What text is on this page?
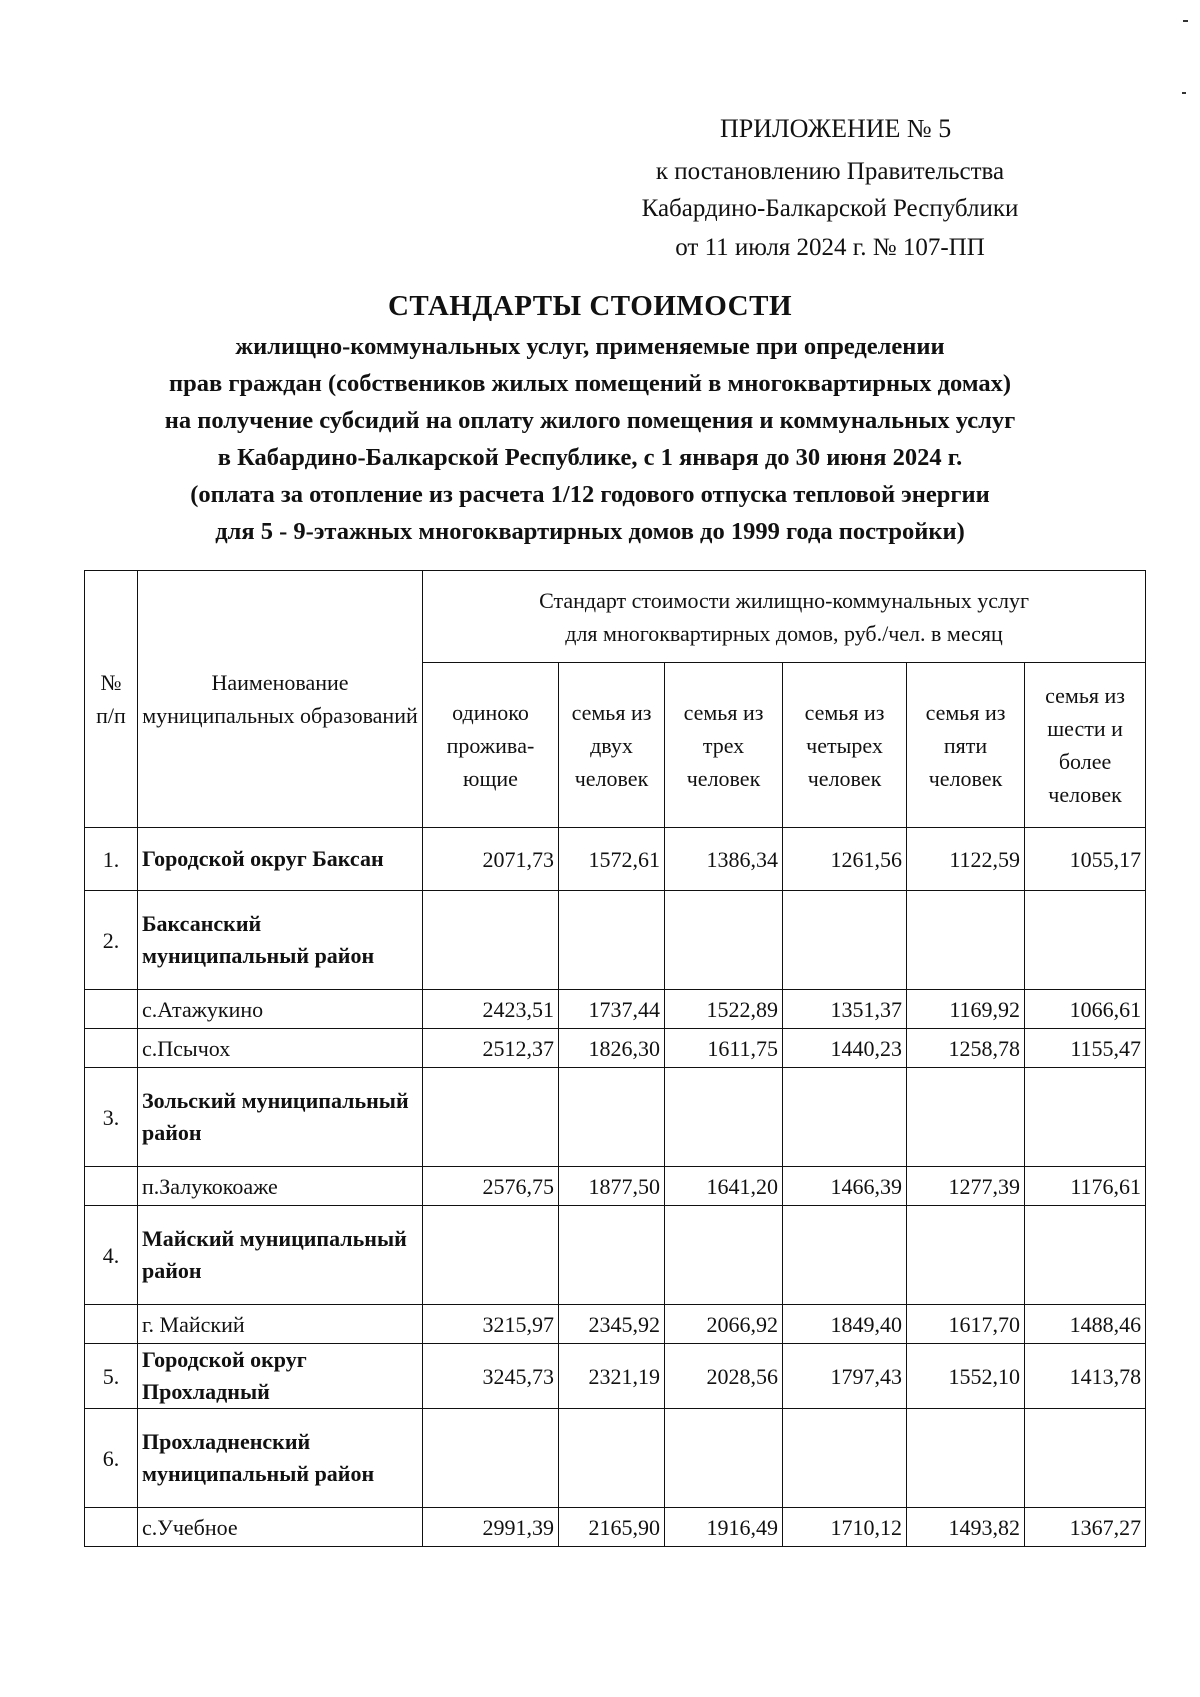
ПРИЛОЖЕНИЕ № 5
к постановлению Правительства
Кабардино-Балкарской Республики
от 11 июля 2024 г. № 107-ПП
СТАНДАРТЫ СТОИМОСТИ
жилищно-коммунальных услуг, применяемые при определении
прав граждан (собствеников жилых помещений в многоквартирных домах)
на получение субсидий на оплату жилого помещения и коммунальных услуг
в Кабардино-Балкарской Республике, с 1 января до 30 июня 2024 г.
(оплата за отопление из расчета 1/12 годового отпуска тепловой энергии
для 5 - 9-этажных многоквартирных домов до 1999 года постройки)
№ п/п	Наименование муниципальных образований	Стандарт стоимости жилищно-коммунальных услуг
для многоквартирных домов, руб./чел. в месяц					

		одиноко проживa-ющие	семья из двух человек	семья из трех человек	семья из четырех человек	семья из пяти человек	семья из шести и более человек
1.	Городской округ Баксан	2071,73	1572,61	1386,34	1261,56	1122,59	1055,17
2.	Баксанский муниципальный район						
	с.Атажукино	2423,51	1737,44	1522,89	1351,37	1169,92	1066,61
	с.Псычох	2512,37	1826,30	1611,75	1440,23	1258,78	1155,47
3.	Зольский муниципальный район						
	п.Залукокоаже	2576,75	1877,50	1641,20	1466,39	1277,39	1176,61
4.	Майский муниципальный район						
	г. Майский	3215,97	2345,92	2066,92	1849,40	1617,70	1488,46
5.	Городской округ Прохладный	3245,73	2321,19	2028,56	1797,43	1552,10	1413,78
6.	Прохладненский муниципальный район						
	с.Учебное	2991,39	2165,90	1916,49	1710,12	1493,82	1367,27
